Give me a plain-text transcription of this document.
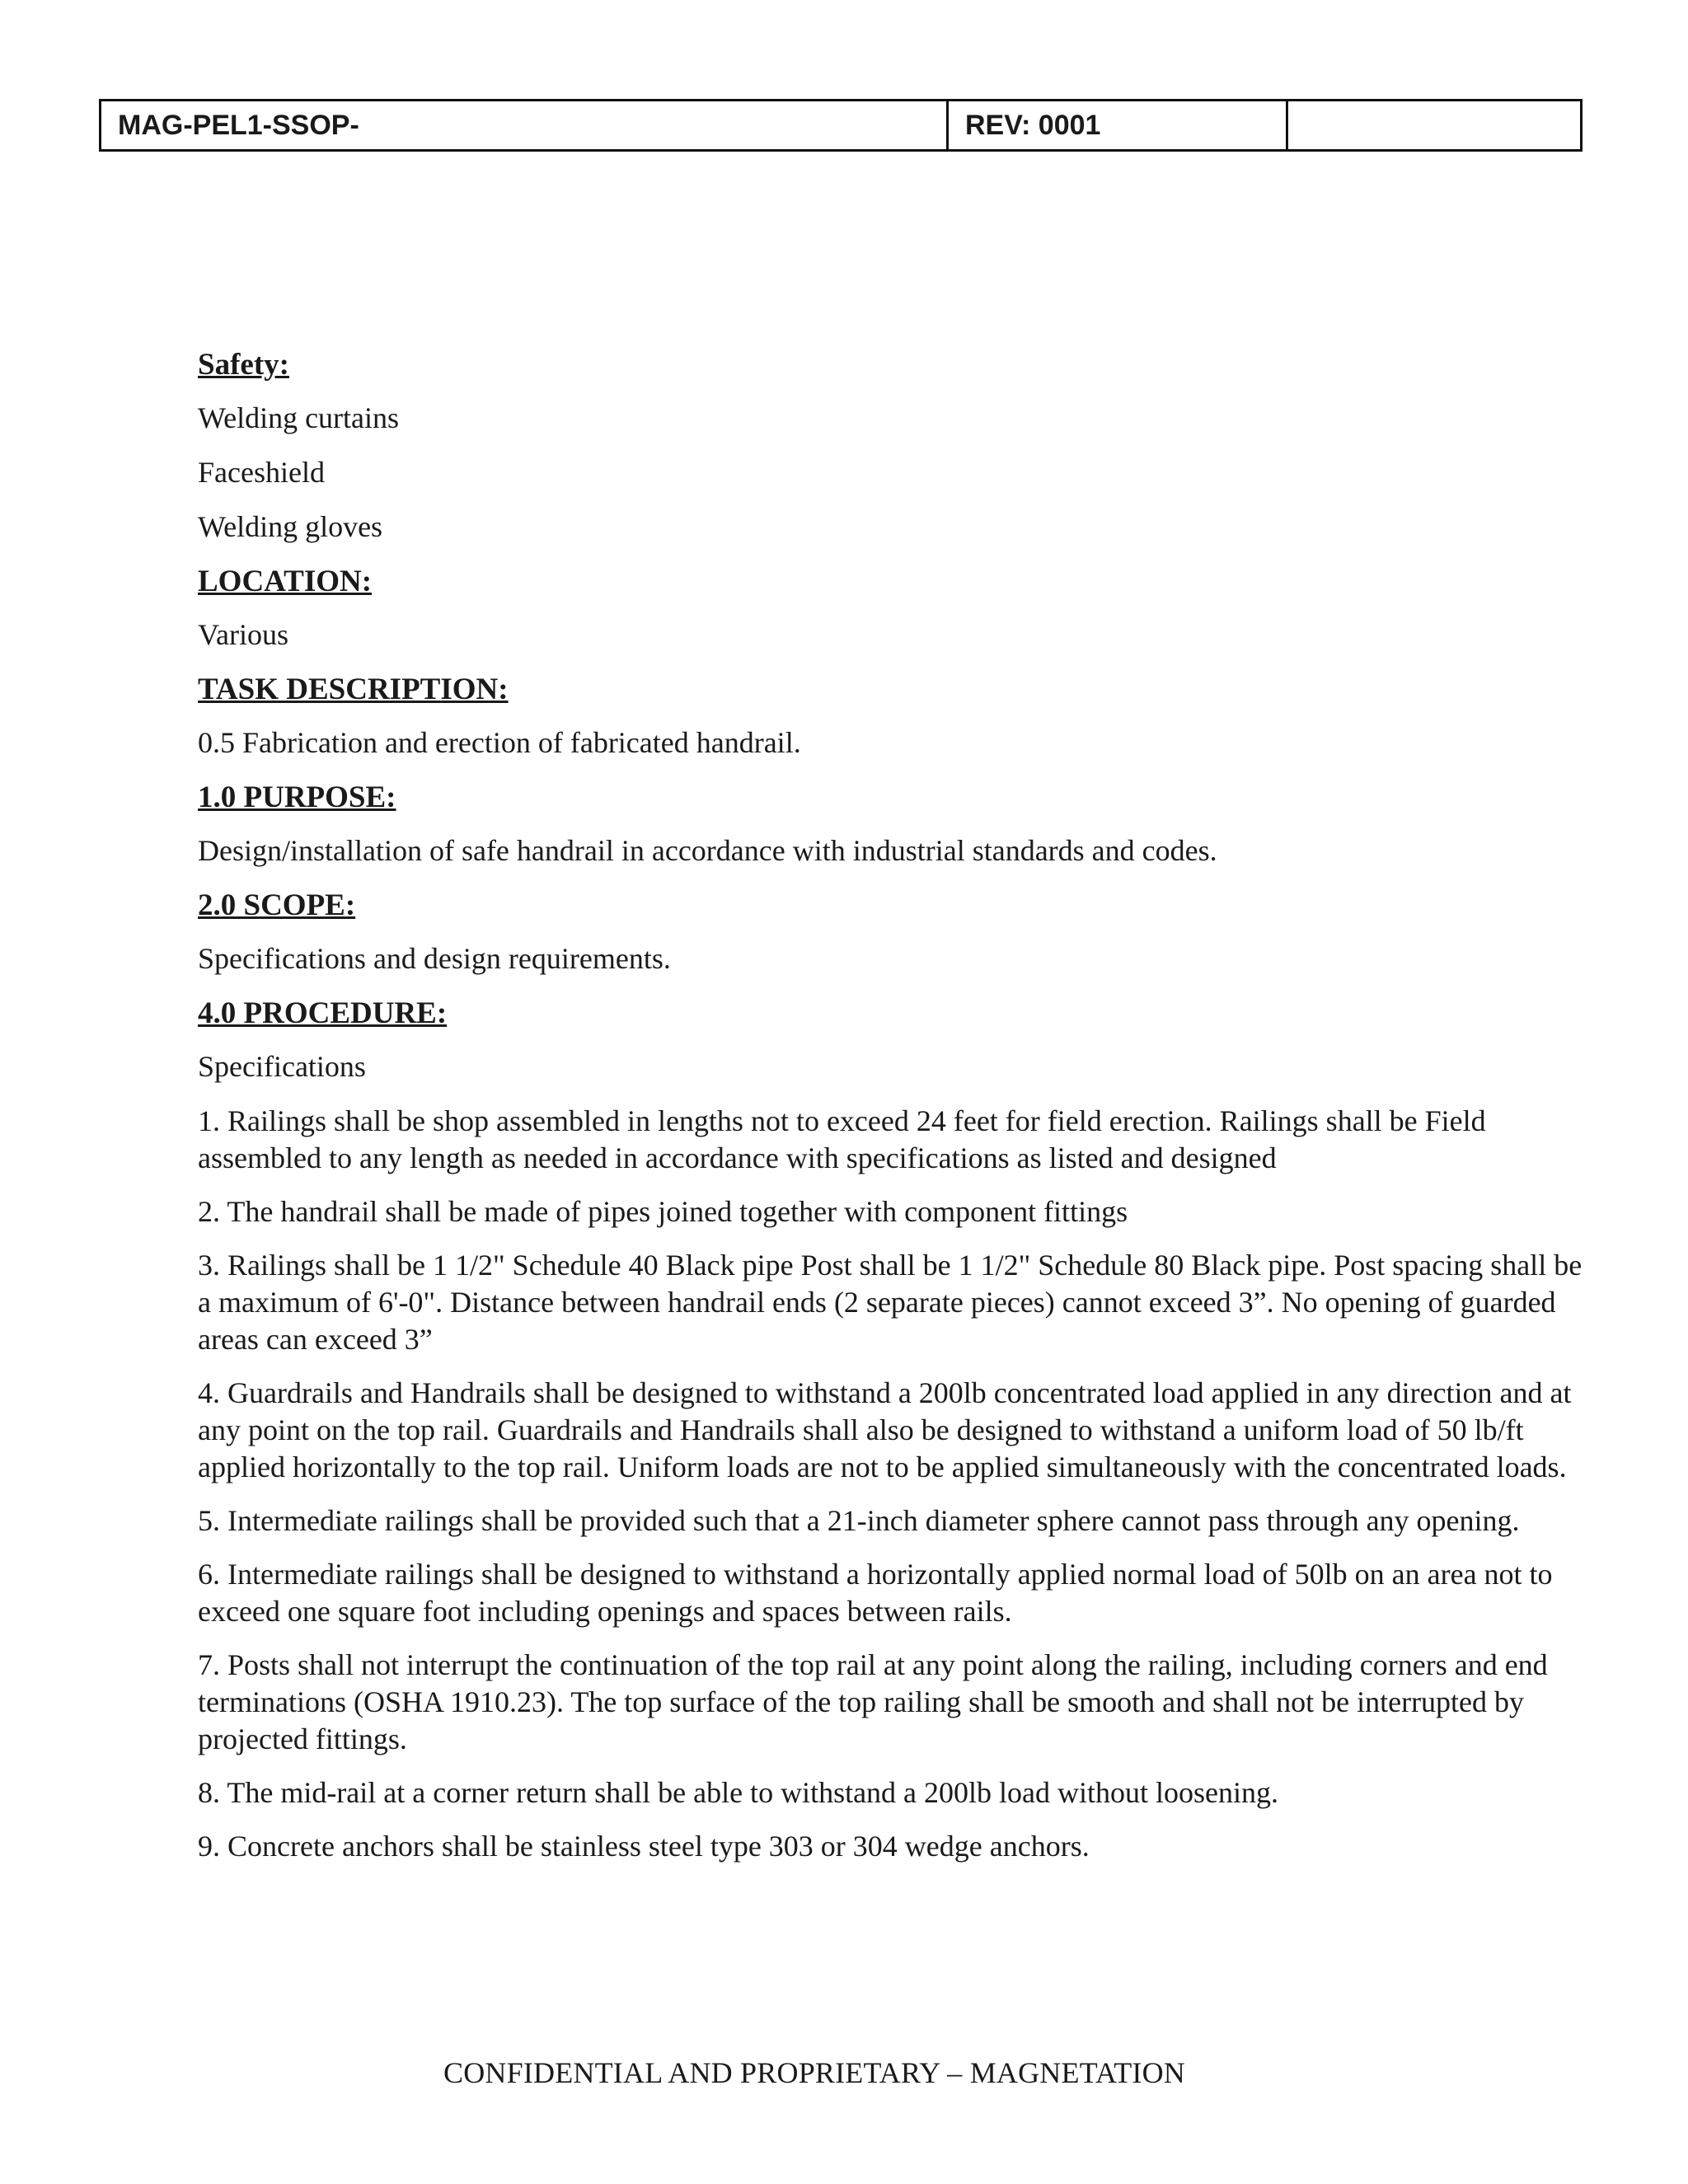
MAG-PEL1-SSOP-	REV: 0001
Safety:
Welding curtains
Faceshield
Welding gloves
LOCATION:
Various
TASK DESCRIPTION:
0.5 Fabrication and erection of fabricated handrail.
1.0 PURPOSE:
Design/installation of safe handrail in accordance with industrial standards and codes.
2.0 SCOPE:
Specifications and design requirements.
4.0 PROCEDURE:
Specifications
1. Railings shall be shop assembled in lengths not to exceed 24 feet for field erection. Railings shall be Field assembled to any length as needed in accordance with specifications as listed and designed
2. The handrail shall be made of pipes joined together with component fittings
3. Railings shall be 1 1/2" Schedule 40 Black pipe Post shall be 1 1/2" Schedule 80 Black pipe. Post spacing shall be a maximum of 6'-0". Distance between handrail ends (2 separate pieces) cannot exceed 3”. No opening of guarded areas can exceed 3”
4. Guardrails and Handrails shall be designed to withstand a 200lb concentrated load applied in any direction and at any point on the top rail. Guardrails and Handrails shall also be designed to withstand a uniform load of 50 lb/ft applied horizontally to the top rail. Uniform loads are not to be applied simultaneously with the concentrated loads.
5. Intermediate railings shall be provided such that a 21-inch diameter sphere cannot pass through any opening.
6. Intermediate railings shall be designed to withstand a horizontally applied normal load of 50lb on an area not to exceed one square foot including openings and spaces between rails.
7. Posts shall not interrupt the continuation of the top rail at any point along the railing, including corners and end terminations (OSHA 1910.23). The top surface of the top railing shall be smooth and shall not be interrupted by projected fittings.
8. The mid-rail at a corner return shall be able to withstand a 200lb load without loosening.
9. Concrete anchors shall be stainless steel type 303 or 304 wedge anchors.
CONFIDENTIAL AND PROPRIETARY – MAGNETATION
